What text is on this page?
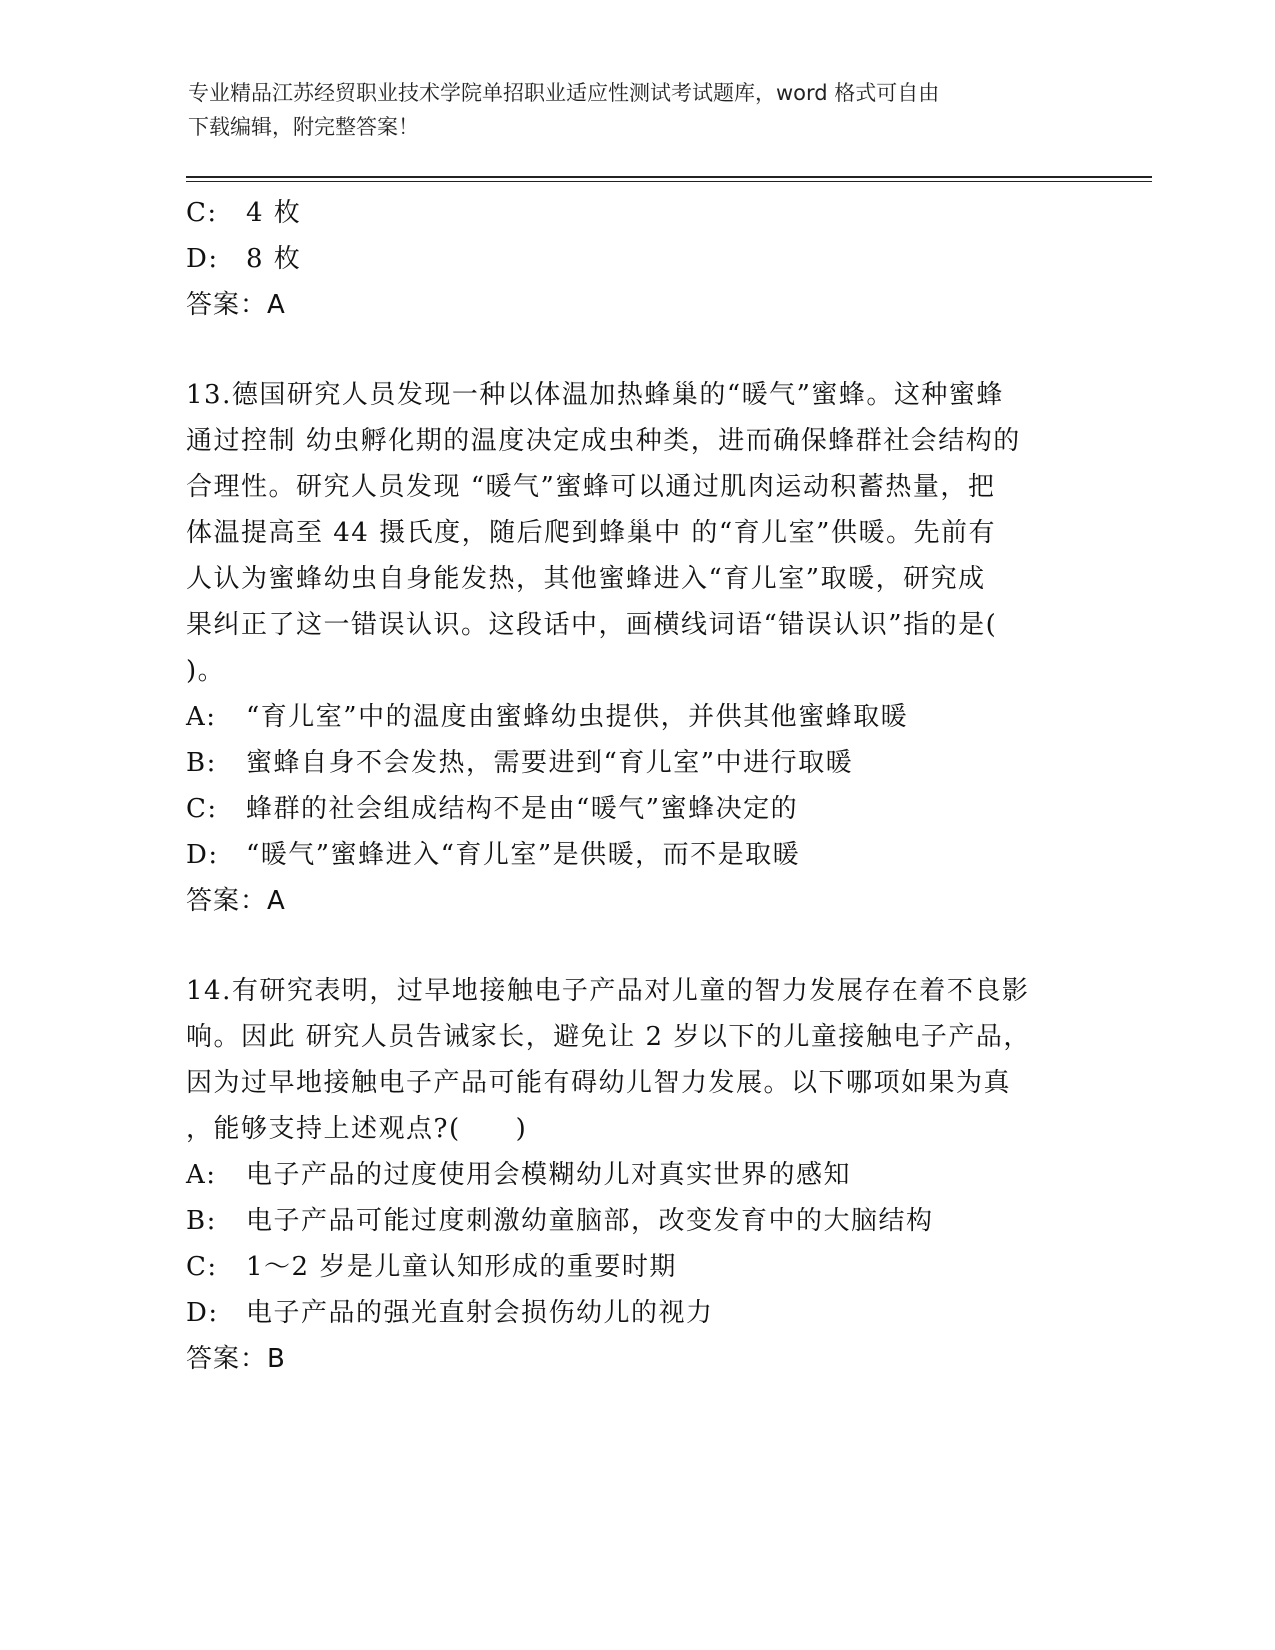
专业精品江苏经贸职业技术学院单招职业适应性测试考试题库，word 格式可自由
下载编辑，附完整答案！
C:	4 枚
D:	8 枚
答案：A
13.德国研究人员发现一种以体温加热蜂巢的“暖气”蜜蜂。这种蜜蜂
通过控制 幼虫孵化期的温度决定成虫种类，进而确保蜂群社会结构的
合理性。研究人员发现 “暖气”蜜蜂可以通过肌肉运动积蓄热量，把
体温提高至 44 摄氏度，随后爬到蜂巢中 的“育儿室”供暖。先前有
人认为蜜蜂幼虫自身能发热，其他蜜蜂进入“育儿室”取暖，研究成
果纠正了这一错误认识。这段话中，画横线词语“错误认识”指的是(
)。
A:	“育儿室”中的温度由蜜蜂幼虫提供，并供其他蜜蜂取暖
B:	蜜蜂自身不会发热，需要进到“育儿室”中进行取暖
C:	蜂群的社会组成结构不是由“暖气”蜜蜂决定的
D:	“暖气”蜜蜂进入“育儿室”是供暖，而不是取暖
答案：A
14.有研究表明，过早地接触电子产品对儿童的智力发展存在着不良影
响。因此 研究人员告诫家长，避免让 2 岁以下的儿童接触电子产品，
因为过早地接触电子产品可能有碍幼儿智力发展。以下哪项如果为真
，能够支持上述观点?(　　)
A:	电子产品的过度使用会模糊幼儿对真实世界的感知
B:	电子产品可能过度刺激幼童脑部，改变发育中的大脑结构
C:	1～2 岁是儿童认知形成的重要时期
D:	电子产品的强光直射会损伤幼儿的视力
答案：B
